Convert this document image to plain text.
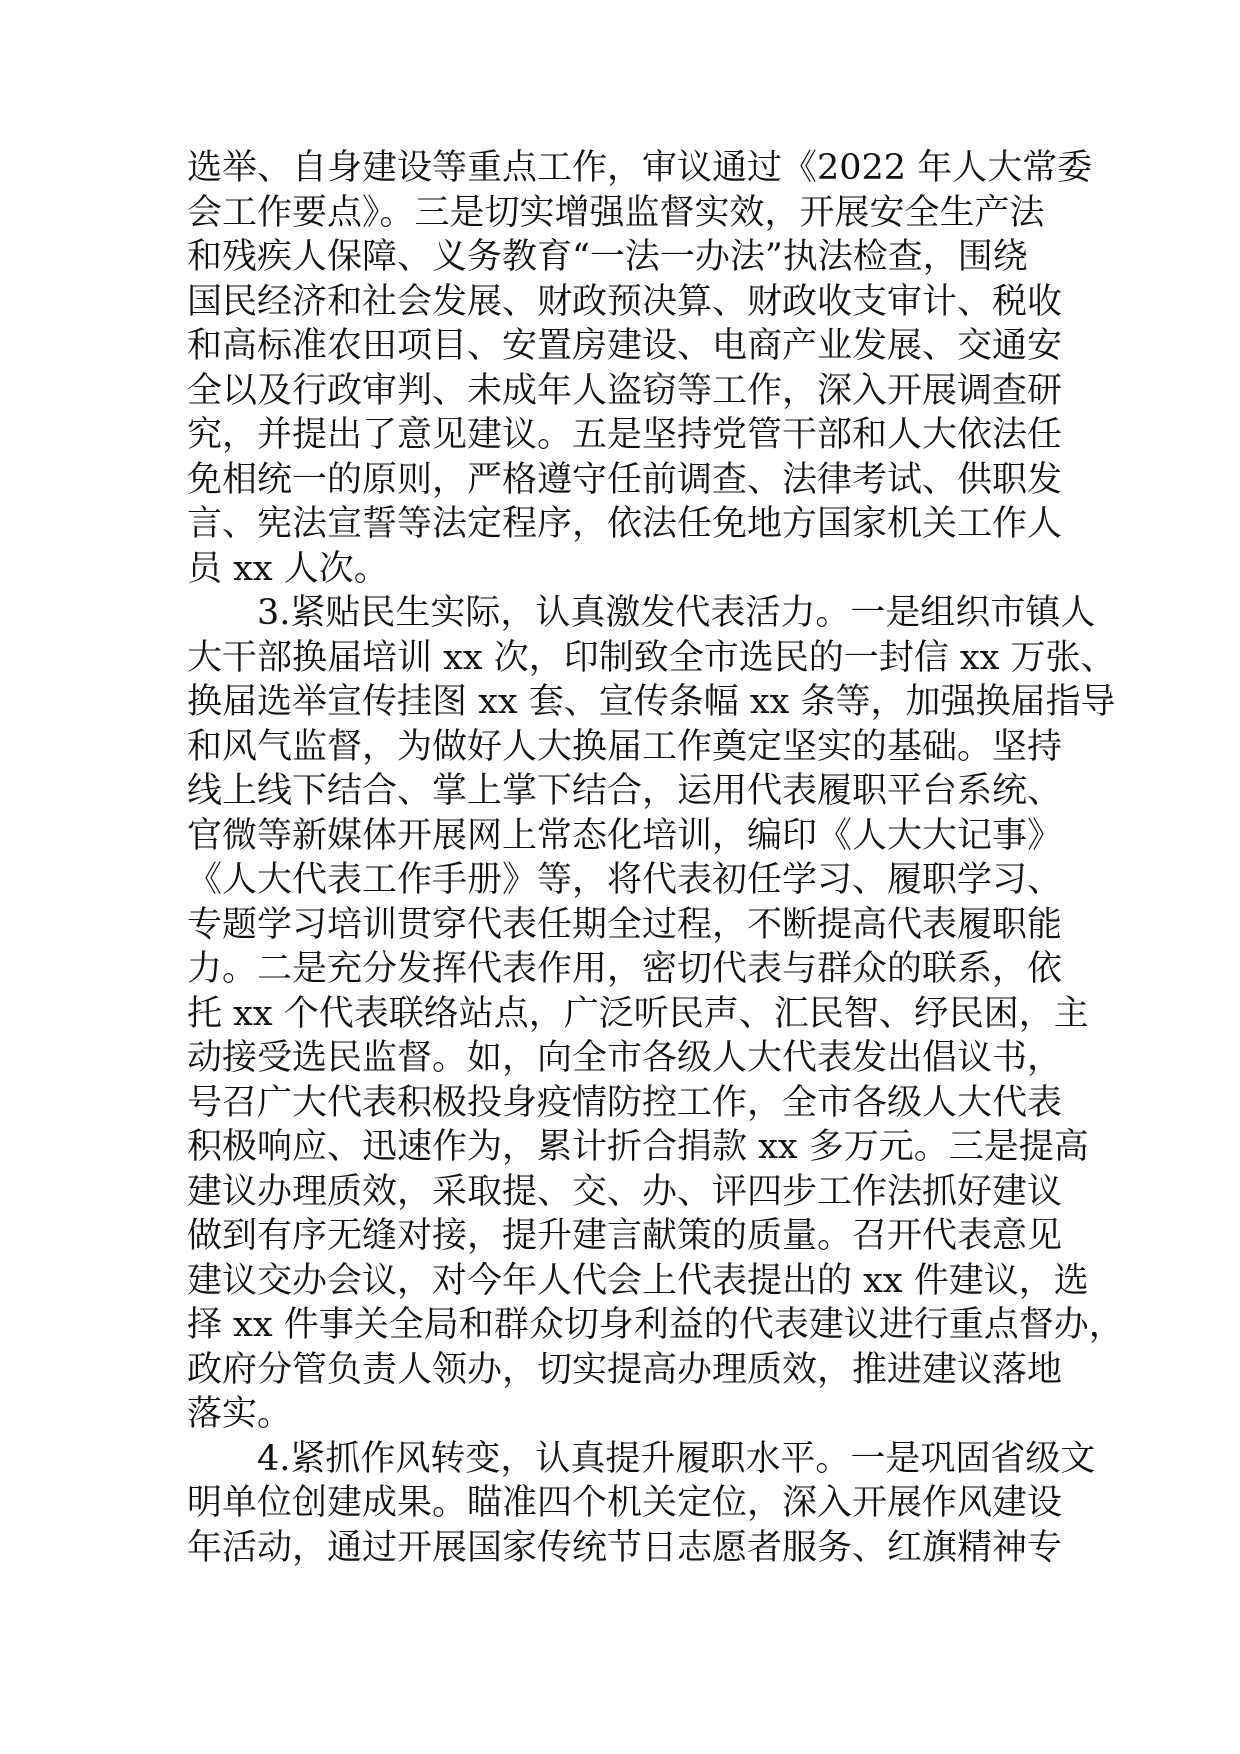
选举、自身建设等重点工作，审议通过《2022 年人大常委
会工作要点》。三是切实增强监督实效，开展安全生产法
和残疾人保障、义务教育“一法一办法”执法检查，围绕
国民经济和社会发展、财政预决算、财政收支审计、税收
和高标准农田项目、安置房建设、电商产业发展、交通安
全以及行政审判、未成年人盗窃等工作，深入开展调查研
究，并提出了意见建议。五是坚持党管干部和人大依法任
免相统一的原则，严格遵守任前调查、法律考试、供职发
言、宪法宣誓等法定程序，依法任免地方国家机关工作人
员 xx 人次。
3.紧贴民生实际，认真激发代表活力。一是组织市镇人
大干部换届培训 xx 次，印制致全市选民的一封信 xx 万张、
换届选举宣传挂图 xx 套、宣传条幅 xx 条等，加强换届指导
和风气监督，为做好人大换届工作奠定坚实的基础。坚持
线上线下结合、掌上掌下结合，运用代表履职平台系统、
官微等新媒体开展网上常态化培训，编印《人大大记事》
《人大代表工作手册》等，将代表初任学习、履职学习、
专题学习培训贯穿代表任期全过程，不断提高代表履职能
力。二是充分发挥代表作用，密切代表与群众的联系，依
托 xx 个代表联络站点，广泛听民声、汇民智、纾民困，主
动接受选民监督。如，向全市各级人大代表发出倡议书，
号召广大代表积极投身疫情防控工作，全市各级人大代表
积极响应、迅速作为，累计折合捐款 xx 多万元。三是提高
建议办理质效，采取提、交、办、评四步工作法抓好建议
做到有序无缝对接，提升建言献策的质量。召开代表意见
建议交办会议，对今年人代会上代表提出的 xx 件建议，选
择 xx 件事关全局和群众切身利益的代表建议进行重点督办，
政府分管负责人领办，切实提高办理质效，推进建议落地
落实。
4.紧抓作风转变，认真提升履职水平。一是巩固省级文
明单位创建成果。瞄准四个机关定位，深入开展作风建设
年活动，通过开展国家传统节日志愿者服务、红旗精神专
